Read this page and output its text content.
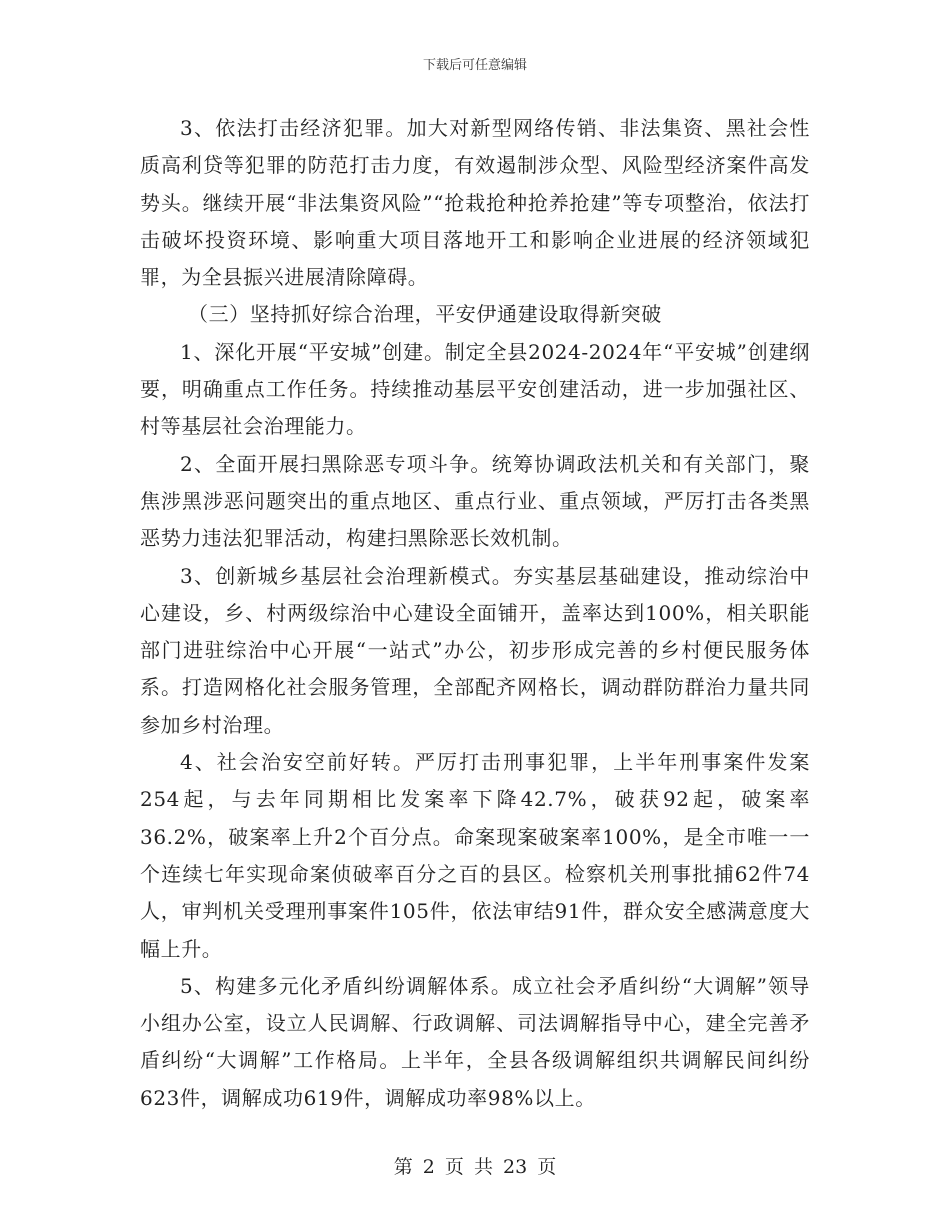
下载后可任意编辑

3、依法打击经济犯罪。加大对新型网络传销、非法集资、黑社会性质高利贷等犯罪的防范打击力度，有效遏制涉众型、风险型经济案件高发势头。继续开展“非法集资风险”“抢栽抢种抢养抢建”等专项整治，依法打击破坏投资环境、影响重大项目落地开工和影响企业进展的经济领域犯罪，为全县振兴进展清除障碍。

（三）坚持抓好综合治理，平安伊通建设取得新突破

1、深化开展“平安城”创建。制定全县2024-2024年“平安城”创建纲要，明确重点工作任务。持续推动基层平安创建活动，进一步加强社区、村等基层社会治理能力。

2、全面开展扫黑除恶专项斗争。统筹协调政法机关和有关部门，聚焦涉黑涉恶问题突出的重点地区、重点行业、重点领域，严厉打击各类黑恶势力违法犯罪活动，构建扫黑除恶长效机制。

3、创新城乡基层社会治理新模式。夯实基层基础建设，推动综治中心建设，乡、村两级综治中心建设全面铺开，盖率达到100%，相关职能部门进驻综治中心开展“一站式”办公，初步形成完善的乡村便民服务体系。打造网格化社会服务管理，全部配齐网格长，调动群防群治力量共同参加乡村治理。

4、社会治安空前好转。严厉打击刑事犯罪，上半年刑事案件发案254起，与去年同期相比发案率下降42.7%，破获92起，破案率36.2%，破案率上升2个百分点。命案现案破案率100%，是全市唯一一个连续七年实现命案侦破率百分之百的县区。检察机关刑事批捕62件74人，审判机关受理刑事案件105件，依法审结91件，群众安全感满意度大幅上升。

5、构建多元化矛盾纠纷调解体系。成立社会矛盾纠纷“大调解”领导小组办公室，设立人民调解、行政调解、司法调解指导中心，建全完善矛盾纠纷“大调解”工作格局。上半年，全县各级调解组织共调解民间纠纷623件，调解成功619件，调解成功率98%以上。

第 2 页 共 23 页
